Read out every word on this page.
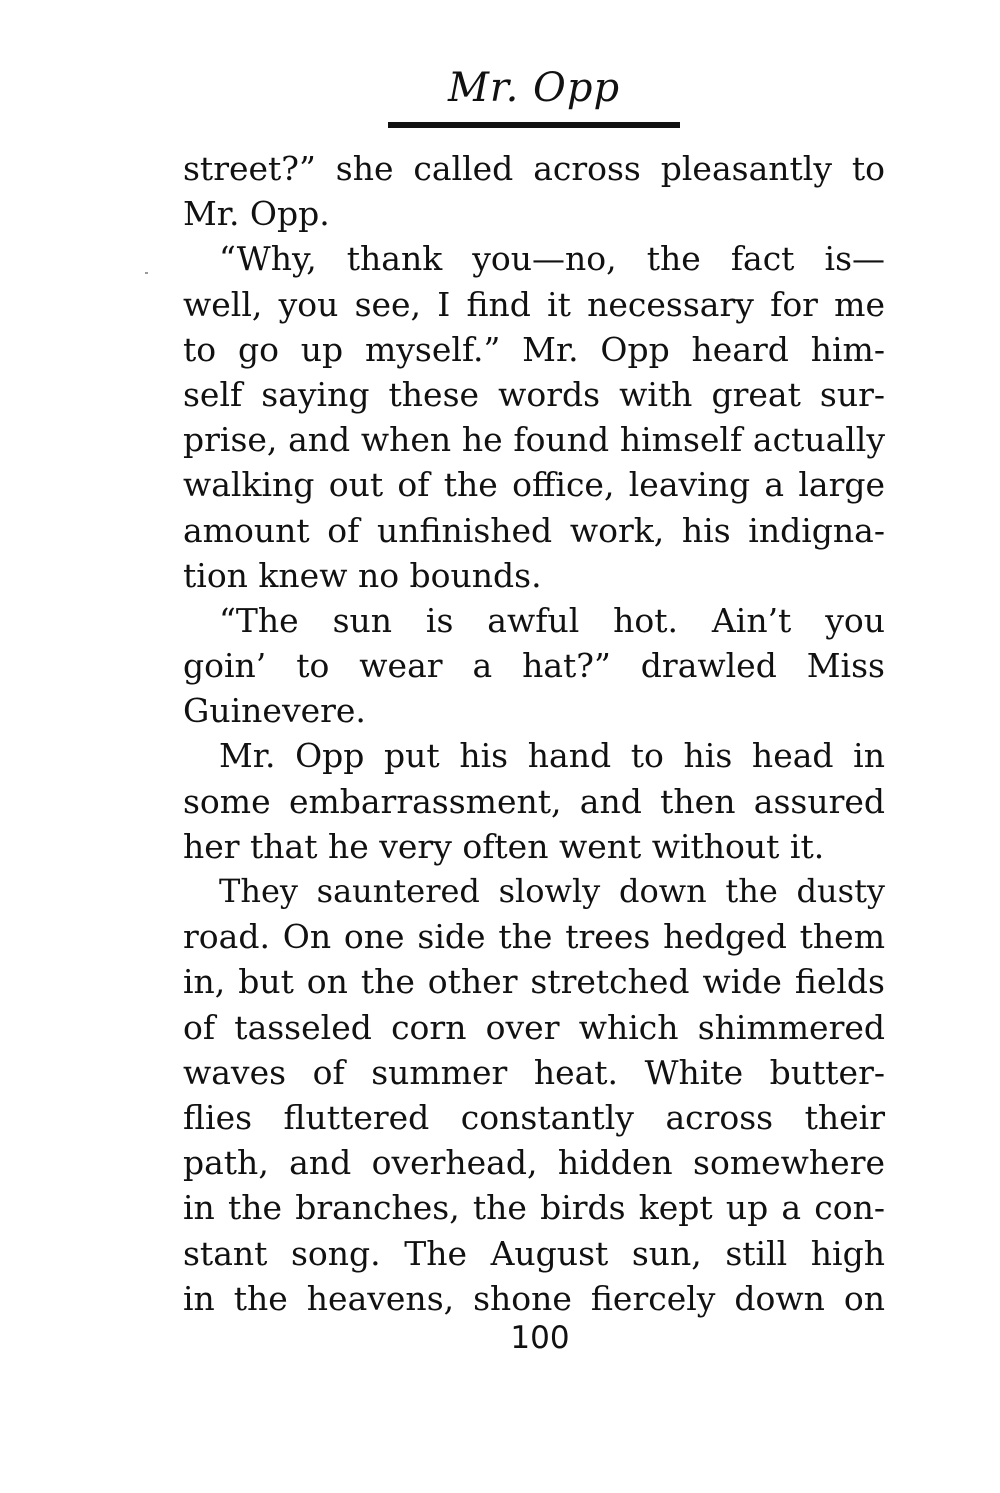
Mr. Opp
street?” she called across pleasantly to
Mr. Opp.
“Why, thank you—no, the fact is—
well, you see, I find it necessary for me
to go up myself.” Mr. Opp heard him-
self saying these words with great sur-
prise, and when he found himself actually
walking out of the office, leaving a large
amount of unfinished work, his indigna-
tion knew no bounds.
“The sun is awful hot. Ain’t you
goin’ to wear a hat?” drawled Miss
Guinevere.
Mr. Opp put his hand to his head in
some embarrassment, and then assured
her that he very often went without it.
They sauntered slowly down the dusty
road. On one side the trees hedged them
in, but on the other stretched wide fields
of tasseled corn over which shimmered
waves of summer heat. White butter-
flies fluttered constantly across their
path, and overhead, hidden somewhere
in the branches, the birds kept up a con-
stant song. The August sun, still high
in the heavens, shone fiercely down on
100
